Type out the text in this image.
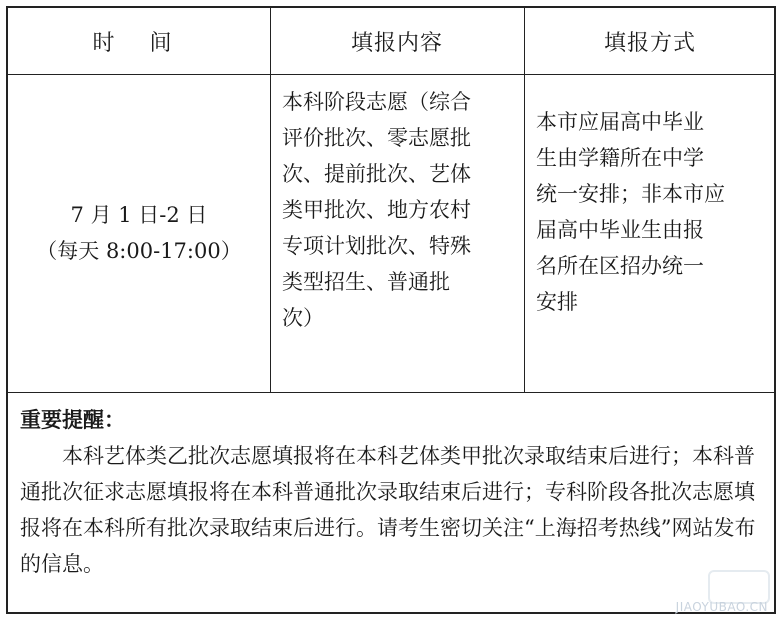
时 间	填报内容	填报方式
7 月 1 日-2 日
（每天 8:00-17:00）
本科阶段志愿（综合
评价批次、零志愿批
次、提前批次、艺体
类甲批次、地方农村
专项计划批次、特殊
类型招生、普通批
次）
本市应届高中毕业
生由学籍所在中学
统一安排；非本市应
届高中毕业生由报
名所在区招办统一
安排
重要提醒：
本科艺体类乙批次志愿填报将在本科艺体类甲批次录取结束后进行；本科普通批次征求志愿填报将在本科普通批次录取结束后进行；专科阶段各批次志愿填报将在本科所有批次录取结束后进行。请考生密切关注“上海招考热线”网站发布的信息。
JIAOYUBAO.CN
